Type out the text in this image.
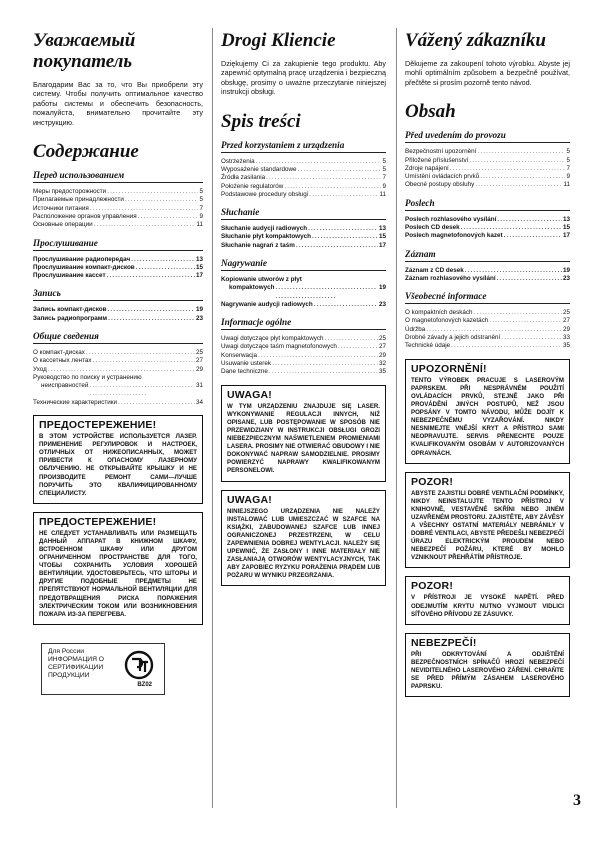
Уважаемый покупатель

Благодарим Вас за то, что Вы приобрели эту систему. Чтобы получить оптимальное качество работы системы и обеспечить безопасность, пожалуйста, внимательно прочитайте эту инструкцию.

Содержание
Перед использованием
Меры предосторожности . . .	5
Прилагаемые принадлежности . . .	5
Источники питания . . .	7
Расположение органов управления . . .	9
Основные операции . . .	11
Прослушивание
Прослушивание радиопередач . . .	13
Прослушивание компакт-дисков . . .	15
Прослушивание кассет . . .	17
Запись
Запись компакт-дисков . . .	19
Запись радиопрограмм . . .	23
Общие сведения
О компакт-дисках . . .	25
О кассетных лентах . . .	27
Уход . . .	29
Руководство по поиску и устранению
неисправностей . . .	31
Технические характеристики . . .	34
ПРЕДОСТЕРЕЖЕНИЕ!
В ЭТОМ УСТРОЙСТВЕ ИСПОЛЬЗУЕТСЯ ЛАЗЕР. ПРИМЕНЕНИЕ РЕГУЛИРОВОК И НАСТРОЕК, ОТЛИЧНЫХ ОТ НИЖЕОПИСАННЫХ, МОЖЕТ ПРИВЕСТИ К ОПАСНОМУ ЛАЗЕРНОМУ ОБЛУЧЕНИЮ. НЕ ОТКРЫВАЙТЕ КРЫШКУ И НЕ ПРОИЗВОДИТЕ РЕМОНТ САМИ—ЛУЧШЕ ПОРУЧИТЬ ЭТО КВАЛИФИЦИРОВАННОМУ СПЕЦИАЛИСТУ.
ПРЕДОСТЕРЕЖЕНИЕ!
НЕ СЛЕДУЕТ УСТАНАВЛИВАТЬ ИЛИ РАЗМЕЩАТЬ ДАННЫЙ АППАРАТ В КНИЖНОМ ШКАФУ, ВСТРОЕННОМ ШКАФУ ИЛИ ДРУГОМ ОГРАНИЧЕННОМ ПРОСТРАНСТВЕ ДЛЯ ТОГО, ЧТОБЫ СОХРАНИТЬ УСЛОВИЯ ХОРОШЕЙ ВЕНТИЛЯЦИИ. УДОСТОВЕРЬТЕСЬ, ЧТО ШТОРЫ И ДРУГИЕ ПОДОБНЫЕ ПРЕДМЕТЫ НЕ ПРЕПЯТСТВУЮТ НОРМАЛЬНОЙ ВЕНТИЛЯЦИИ ДЛЯ ПРЕДОТВРАЩЕНИЯ РИСКА ПОРАЖЕНИЯ ЭЛЕКТРИЧЕСКИМ ТОКОМ ИЛИ ВОЗНИКНОВЕНИЯ ПОЖАРА ИЗ-ЗА ПЕРЕГРЕВА.
Для России
ИНФОРМАЦИЯ О
СЕРТИФИКАЦИИ
ПРОДУКЦИИ
BZ02
Drogi Kliencie

Dziękujemy Ci za zakupienie tego produktu. Aby zapewnić optymalną pracę urządzenia i bezpieczną obsługę, prosimy o uważne przeczytanie niniejszej instrukcji obsługi.

Spis treści
Przed korzystaniem z urządzenia
Ostrzeżenia . . .	5
Wyposażenie standardowe . . .	5
Źródła zasilania . . .	7
Położenie regulatorów . . .	9
Podstawowe procedury obsługi . . .	11
Słuchanie
Słuchanie audycji radiowych . . .	13
Słuchanie płyt kompaktowych . . .	15
Słuchanie nagrań z taśm . . .	17
Nagrywanie
Kopiowanie utworów z płyt
kompaktowych . . .	19
Nagrywanie audycji radiowych . . .	23
Informacje ogólne
Uwagi dotyczące płyt kompaktowych . . .	25
Uwagi dotyczące taśm magnetofonowych . . .	27
Konserwacja . . .	29
Usuwanie usterek . . .	32
Dane techniczne . . .	35
UWAGA!
W TYM URZĄDZENIU ZNAJDUJE SIĘ LASER. WYKONYWANIE REGULACJI INNYCH, NIŻ OPISANE, LUB POSTĘPOWANIE W SPOSÓB NIE PRZEWIDZIANY W INSTRUKCJI OBSŁUGI GROZI NIEBEZPIECZNYM NAŚWIETLENIEM PROMIENIAMI LASERA. PROSIMY NIE OTWIERAĆ OBUDOWY I NIE DOKONYWAĆ NAPRAW SAMODZIELNIE. PROSIMY POWIERZYĆ NAPRAWY KWALIFIKOWANYM PERSONELOWI.
UWAGA!
NINIEJSZEGO URZĄDZENIA NIE NALEŻY INSTALOWAĆ LUB UMIESZCZAĆ W SZAFCE NA KSIĄŻKI, ZABUDOWANEJ SZAFCE LUB INNEJ OGRANICZONEJ PRZESTRZENI, W CELU ZAPEWNIENIA DOBREJ WENTYLACJI. NALEŻY SIĘ UPEWNIĆ, ŻE ZASŁONY I INNE MATERIAŁY NIE ZASŁANIAJĄ OTWORÓW WENTYLACYJNYCH, TAK ABY ZAPOBIEC RYZYKU PORAŻENIA PRĄDEM LUB POŻARU W WYNIKU PRZEGRZANIA.
Vážený zákazníku

Děkujeme za zakoupení tohoto výrobku. Abyste jej mohli optimálním způsobem a bezpečně používat, přečtěte si prosím pozorně tento návod.

Obsah
Před uvedením do provozu
Bezpečnostní upozornění . . .	5
Přiložené příslušenství . . .	5
Zdroje napájení . . .	7
Umístění ovládacích prvků . . .	9
Obecné postupy obsluhy . . .	11
Poslech
Poslech rozhlasového vysílání . . .	13
Poslech CD desek . . .	15
Poslech magnetofonových kazet . . .	17
Záznam
Záznam z CD desek . . .	19
Záznam rozhlasového vysílání . . .	23
Všeobecné informace
O kompaktních deskách . . .	25
O magnetofonových kazetách . . .	27
Údržba . . .	29
Drobné závady a jejich odstranění . . .	33
Technické údaje . . .	35
UPOZORNĚNÍ!
TENTO VÝROBEK PRACUJE S LASEROVÝM PAPRSKEM. PŘI NESPRÁVNÉM POUŽITÍ OVLÁDACÍCH PRVKŮ, STEJNĚ JAKO PŘI PROVÁDĚNÍ JINÝCH POSTUPŮ, NEŽ JSOU POPSÁNY V TOMTO NÁVODU, MŮŽE DOJÍT K NEBEZPEČNÉMU VYZAŘOVÁNÍ. NIKDY NESNIMEJTE VNĚJŠÍ KRYT A PŘÍSTROJ SAMI NEOPRAVUJTE. SERVIS PŘENECHTE POUZE KVALIFIKOVANÝM OSOBÁM V AUTORIZOVANÝCH OPRAVNÁCH.
POZOR!
ABYSTE ZAJISTILI DOBRÉ VENTILAČNÍ PODMÍNKY, NIKDY NEINSTALUJTE TENTO PŘÍSTROJ V KNIHOVNĚ, VESTAVĚNÉ SKŘÍNI NEBO JINÉM UZAVŘENÉM PROSTORU. ZAJISTĚTE, ABY ZÁVĚSY A VŠECHNY OSTATNÍ MATERIÁLY NEBRÁNILY V DOBRÉ VENTILACI, ABYSTE PŘEDEŠLI NEBEZPEČÍ ÚRAZU ELEKTRICKÝM PROUDEM NEBO NEBEZPEČÍ POŽÁRU, KTERÉ BY MOHLO VZNIKNOUT PŘEHŘÁTÍM PŘÍSTROJE.
POZOR!
V PŘÍSTROJI JE VYSOKÉ NAPĚTÍ. PŘED ODEJMUTÍM KRYTU NUTNO VYJMOUT VIDLICI SÍŤOVÉHO PŘÍVODU ZE ZÁSUVKY.
NEBEZPEČÍ!
PŘI ODKRYTOVÁNÍ A ODJIŠTĚNÍ BEZPEČNOSTNÍCH SPÍNAČŮ HROZÍ NEBEZPEČÍ NEVIDITELNÉHO LASEROVÉHO ZÁŘENÍ. CHRAŇTE SE PŘED PŘÍMÝM ZÁSAHEM LASEROVÉHO PAPRSKU.
3
